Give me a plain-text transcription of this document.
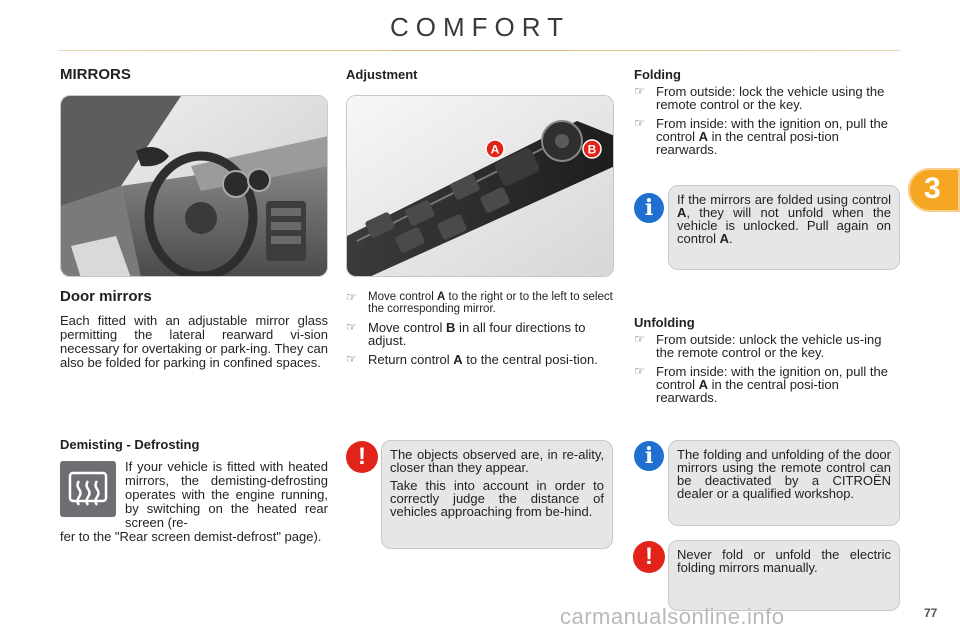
COMFORT
3
MIRRORS
Door mirrors
Each fitted with an adjustable mirror glass permitting the lateral rearward vi-sion necessary for overtaking or park-ing. They can also be folded for parking in confined spaces.
Demisting - Defrosting
If your vehicle is fitted with heated mirrors, the demisting-defrosting operates with the engine running, by switching on the heated rear screen (re-
fer to the "Rear screen demist-defrost" page).
Adjustment
A	B
☞ Move control A to the right or to the left to select the corresponding mirror.
☞ Move control B in all four directions to adjust.
☞ Return control A to the central posi-tion.
!	The objects observed are, in re-ality, closer than they appear.

Take this into account in order to correctly judge the distance of vehicles approaching from be-hind.

Folding
☞ From outside: lock the vehicle using the remote control or the key.
☞ From inside: with the ignition on, pull the control A in the central posi-tion rearwards.
i	If the mirrors are folded using control A, they will not unfold when the vehicle is unlocked. Pull again on control A.
Unfolding
☞ From outside: unlock the vehicle us-ing the remote control or the key.
☞ From inside: with the ignition on, pull the control A in the central posi-tion rearwards.
i	The folding and unfolding of the door mirrors using the remote control can be deactivated by a CITROËN dealer or a qualified workshop.
!	Never fold or unfold the electric folding mirrors manually.
carmanualsonline.info	77
